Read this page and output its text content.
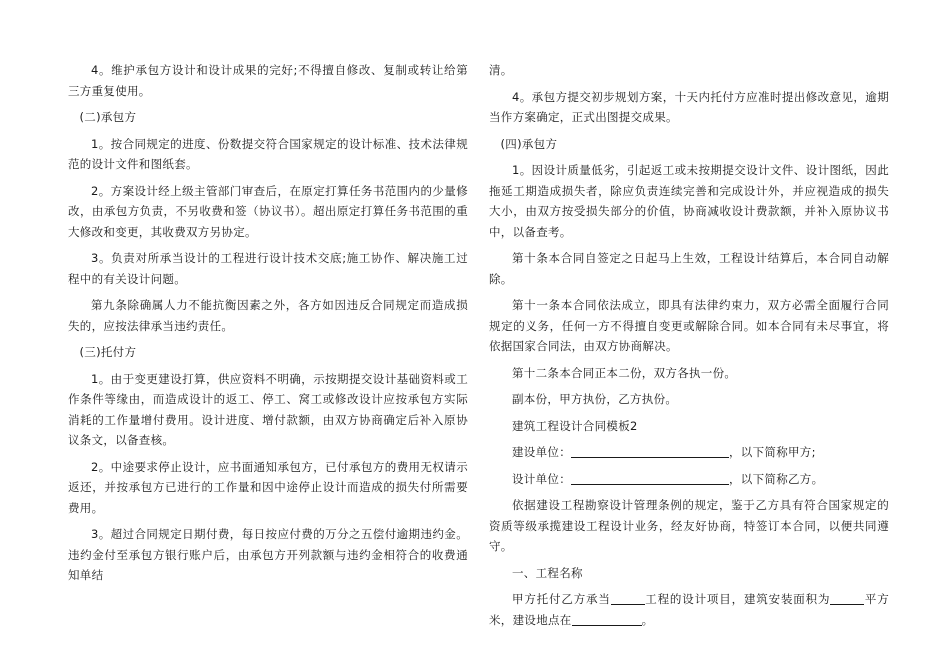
4。维护承包方设计和设计成果的完好;不得擅自修改、复制或转让给第三方重复使用。

(二)承包方

1。按合同规定的进度、份数提交符合国家规定的设计标准、技术法律规范的设计文件和图纸套。

2。方案设计经上级主管部门审查后，在原定打算任务书范围内的少量修改，由承包方负责，不另收费和签（协议书）。超出原定打算任务书范围的重大修改和变更，其收费双方另协定。

3。负责对所承当设计的工程进行设计技术交底;施工协作、解决施工过程中的有关设计问题。

第九条除确属人力不能抗衡因素之外，各方如因违反合同规定而造成损失的，应按法律承当违约责任。

(三)托付方

1。由于变更建设打算，供应资料不明确，示按期提交设计基础资料或工作条件等缘由，而造成设计的返工、停工、窝工或修改设计应按承包方实际消耗的工作量增付费用。设计进度、增付款额，由双方协商确定后补入原协议条文，以备查核。

2。中途要求停止设计，应书面通知承包方，已付承包方的费用无权请示返还，并按承包方已进行的工作量和因中途停止设计而造成的损失付所需要费用。

3。超过合同规定日期付费，每日按应付费的万分之五偿付逾期违约金。违约金付至承包方银行账户后，由承包方开列款额与违约金相符合的收费通知单结

清。

4。承包方提交初步规划方案，十天内托付方应准时提出修改意见，逾期当作方案确定，正式出图提交成果。

(四)承包方

1。因设计质量低劣，引起返工或未按期提交设计文件、设计图纸，因此拖延工期造成损失者，除应负责连续完善和完成设计外，并应视造成的损失大小，由双方按受损失部分的价值，协商减收设计费款额，并补入原协议书中，以备查考。

第十条本合同自签定之日起马上生效，工程设计结算后，本合同自动解除。

第十一条本合同依法成立，即具有法律约束力，双方必需全面履行合同规定的义务，任何一方不得擅自变更或解除合同。如本合同有未尽事宜，将依据国家合同法，由双方协商解决。

第十二条本合同正本二份，双方各执一份。

副本份，甲方执份，乙方执份。

建筑工程设计合同模板2

建设单位：	，以下简称甲方;

设计单位：	，以下简称乙方。

依据建设工程勘察设计管理条例的规定，鉴于乙方具有符合国家规定的资质等级承揽建设工程设计业务，经友好协商，特签订本合同，以便共同遵守。

一、工程名称

甲方托付乙方承当	工程的设计项目，建筑安装面积为	平方米，建设地点在	。
